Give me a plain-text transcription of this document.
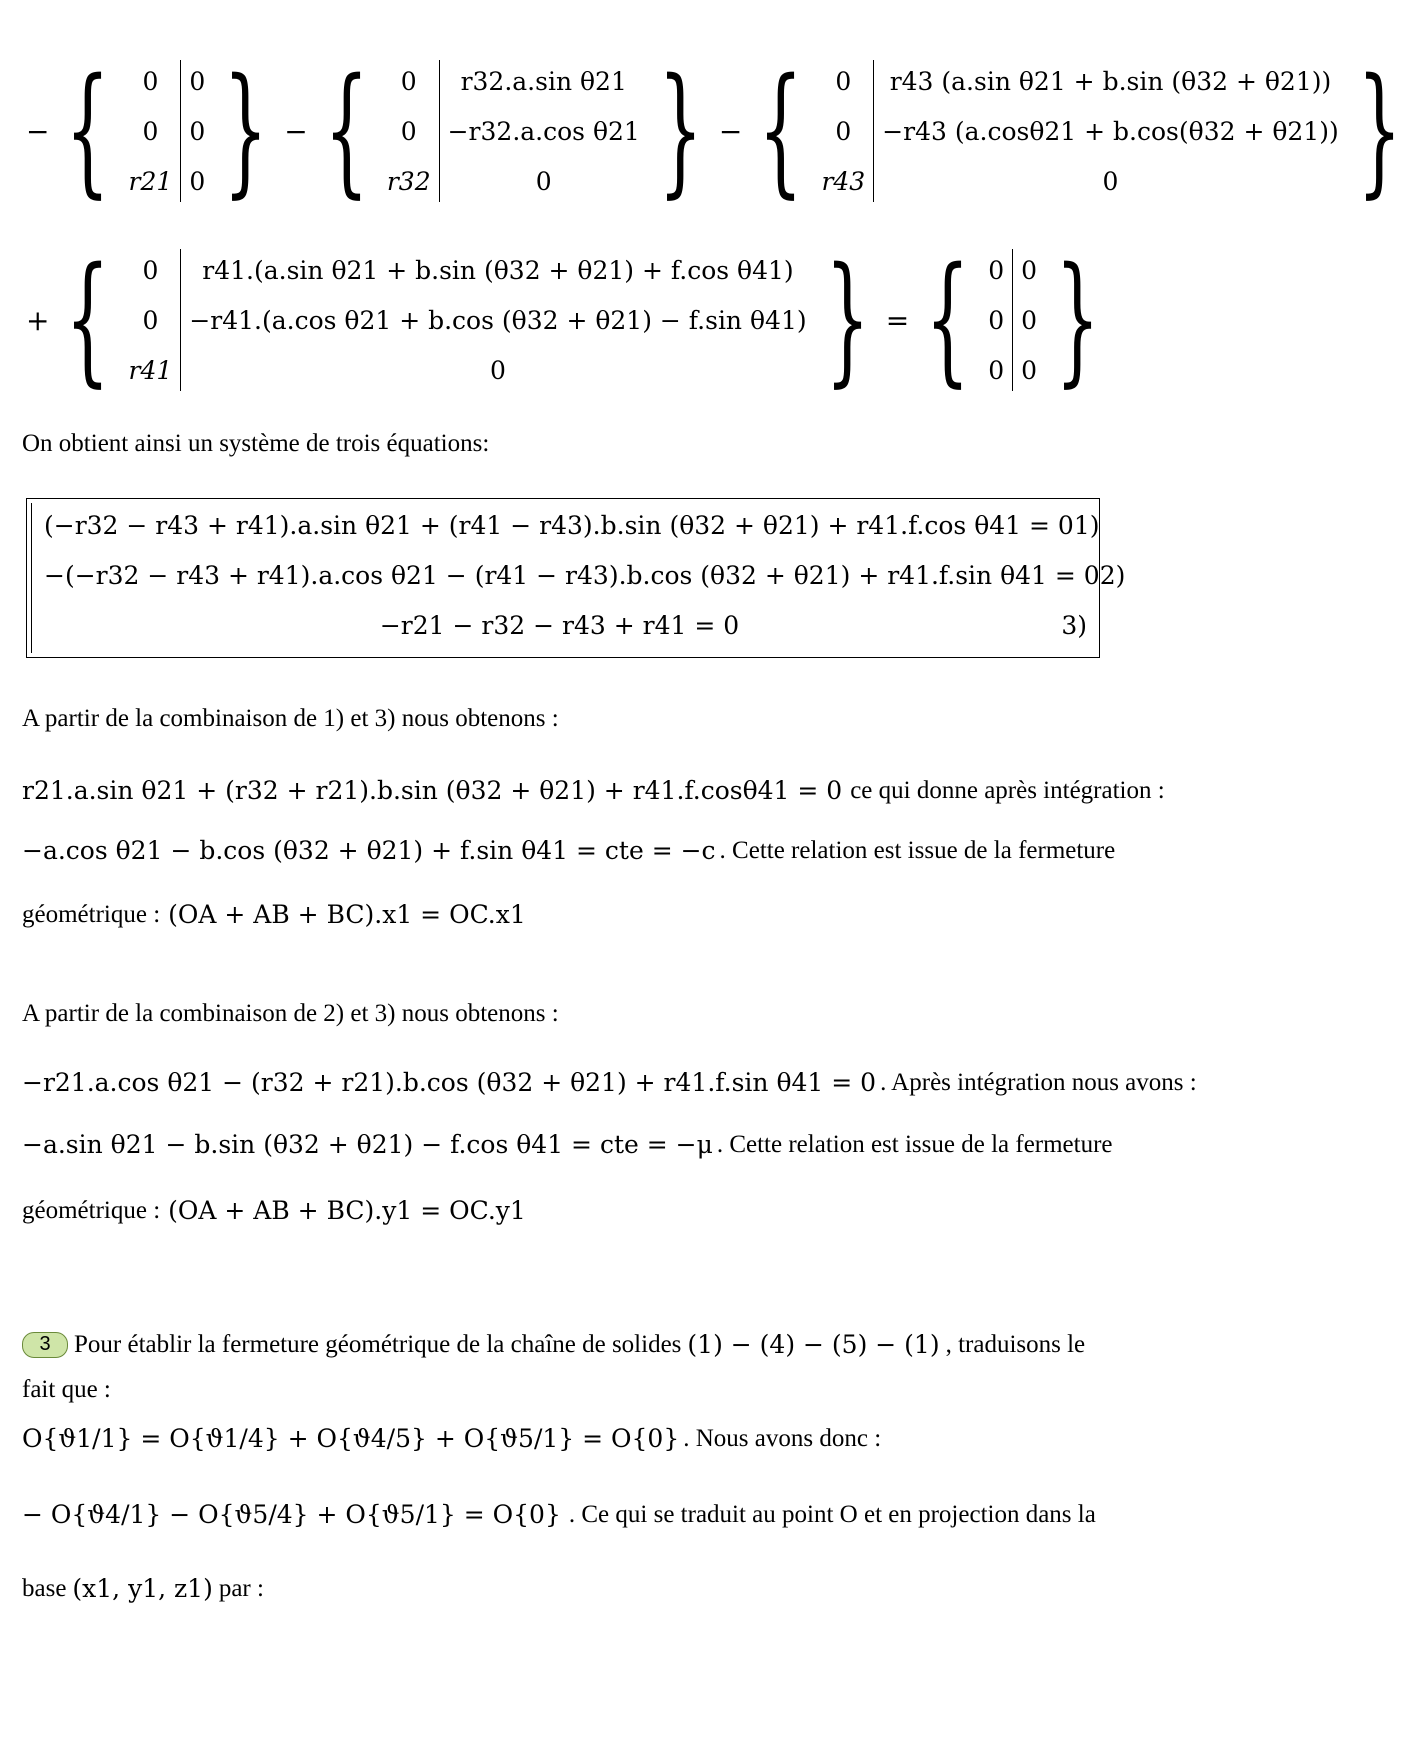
− { 0
0
r21
0
0
0 } − { 0
0
r32
r32.a.sin θ21
−r32.a.cos θ21
0 } − { 0
0
r43
r43 (a.sin θ21 + b.sin (θ32 + θ21))
−r43 (a.cosθ21 + b.cos(θ32 + θ21))
0 }
+ { 0
0
r41
r41.(a.sin θ21 + b.sin (θ32 + θ21) + f.cos θ41)
−r41.(a.cos θ21 + b.cos (θ32 + θ21) − f.sin θ41)
0 } = { 0
0
0
0
0
0 }
On obtient ainsi un système de trois équations:
(−r32 − r43 + r41).a.sin θ21 + (r41 − r43).b.sin (θ32 + θ21) + r41.f.cos θ41 = 0 1)
−(−r32 − r43 + r41).a.cos θ21 − (r41 − r43).b.cos (θ32 + θ21) + r41.f.sin θ41 = 0 2)
−r21 − r32 − r43 + r41 = 0	3)
A partir de la combinaison de 1) et 3) nous obtenons :
r21.a.sin θ21 + (r32 + r21).b.sin (θ32 + θ21) + r41.f.cosθ41 = 0 ce qui donne après intégration :
−a.cos θ21 − b.cos (θ32 + θ21) + f.sin θ41 = cte = −c . Cette relation est issue de la fermeture
géométrique : (OA + AB + BC).x1 = OC.x1
A partir de la combinaison de 2) et 3) nous obtenons :
−r21.a.cos θ21 − (r32 + r21).b.cos (θ32 + θ21) + r41.f.sin θ41 = 0 . Après intégration nous avons :
−a.sin θ21 − b.sin (θ32 + θ21) − f.cos θ41 = cte = −μ . Cette relation est issue de la fermeture
géométrique : (OA + AB + BC).y1 = OC.y1
3 Pour établir la fermeture géométrique de la chaîne de solides (1) − (4) − (5) − (1) , traduisons le
fait que :
O{ϑ1/1} = O{ϑ1/4} + O{ϑ4/5} + O{ϑ5/1} = O{0} . Nous avons donc :
− O{ϑ4/1} − O{ϑ5/4} + O{ϑ5/1} = O{0} . Ce qui se traduit au point O et en projection dans la
base (x1, y1, z1) par :
